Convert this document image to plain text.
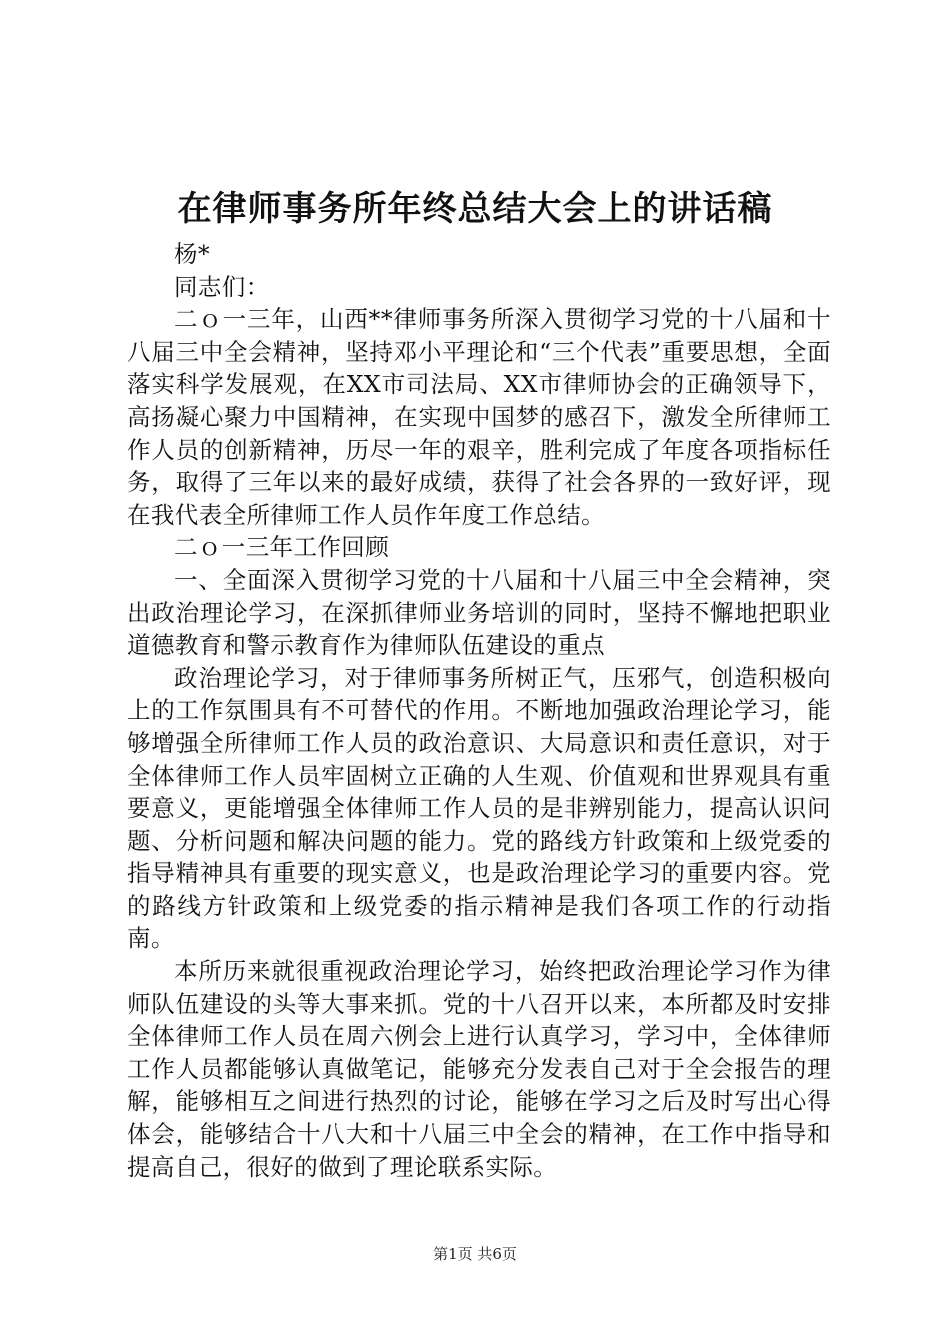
在律师事务所年终总结大会上的讲话稿

杨*

同志们：

二ｏ一三年，山西**律师事务所深入贯彻学习党的十八届和十八届三中全会精神，坚持邓小平理论和“三个代表”重要思想，全面落实科学发展观，在XX市司法局、XX市律师协会的正确领导下，高扬凝心聚力中国精神，在实现中国梦的感召下，激发全所律师工作人员的创新精神，历尽一年的艰辛，胜利完成了年度各项指标任务，取得了三年以来的最好成绩，获得了社会各界的一致好评，现在我代表全所律师工作人员作年度工作总结。

二ｏ一三年工作回顾

一、全面深入贯彻学习党的十八届和十八届三中全会精神，突出政治理论学习，在深抓律师业务培训的同时，坚持不懈地把职业道德教育和警示教育作为律师队伍建设的重点

政治理论学习，对于律师事务所树正气，压邪气，创造积极向上的工作氛围具有不可替代的作用。不断地加强政治理论学习，能够增强全所律师工作人员的政治意识、大局意识和责任意识，对于全体律师工作人员牢固树立正确的人生观、价值观和世界观具有重要意义，更能增强全体律师工作人员的是非辨别能力，提高认识问题、分析问题和解决问题的能力。党的路线方针政策和上级党委的指导精神具有重要的现实意义，也是政治理论学习的重要内容。党的路线方针政策和上级党委的指示精神是我们各项工作的行动指南。

本所历来就很重视政治理论学习，始终把政治理论学习作为律师队伍建设的头等大事来抓。党的十八召开以来，本所都及时安排全体律师工作人员在周六例会上进行认真学习，学习中，全体律师工作人员都能够认真做笔记，能够充分发表自己对于全会报告的理解，能够相互之间进行热烈的讨论，能够在学习之后及时写出心得体会，能够结合十八大和十八届三中全会的精神，在工作中指导和提高自己，很好的做到了理论联系实际。

第1页 共6页
